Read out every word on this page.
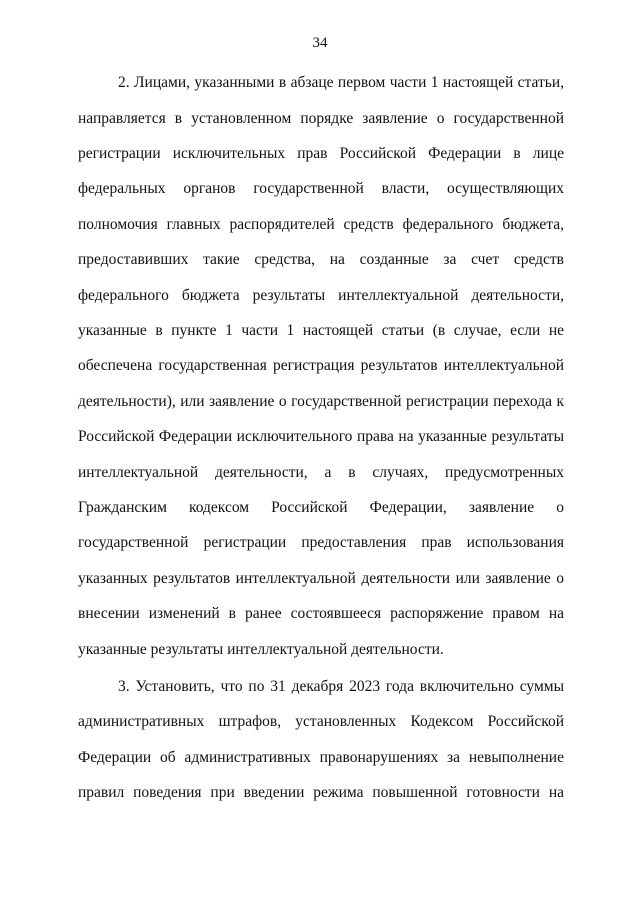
34
2. Лицами, указанными в абзаце первом части 1 настоящей статьи,
направляется в установленном порядке заявление о государственной
регистрации исключительных прав Российской Федерации в лице
федеральных органов государственной власти, осуществляющих
полномочия главных распорядителей средств федерального бюджета,
предоставивших такие средства, на созданные за счет средств
федерального бюджета результаты интеллектуальной деятельности,
указанные в пункте 1 части 1 настоящей статьи (в случае, если не
обеспечена государственная регистрация результатов интеллектуальной
деятельности), или заявление о государственной регистрации перехода к
Российской Федерации исключительного права на указанные результаты
интеллектуальной деятельности, а в случаях, предусмотренных
Гражданским кодексом Российской Федерации, заявление о
государственной регистрации предоставления прав использования
указанных результатов интеллектуальной деятельности или заявление о
внесении изменений в ранее состоявшееся распоряжение правом на
указанные результаты интеллектуальной деятельности.
3. Установить, что по 31 декабря 2023 года включительно суммы
административных штрафов, установленных Кодексом Российской
Федерации об административных правонарушениях за невыполнение
правил поведения при введении режима повышенной готовности на
